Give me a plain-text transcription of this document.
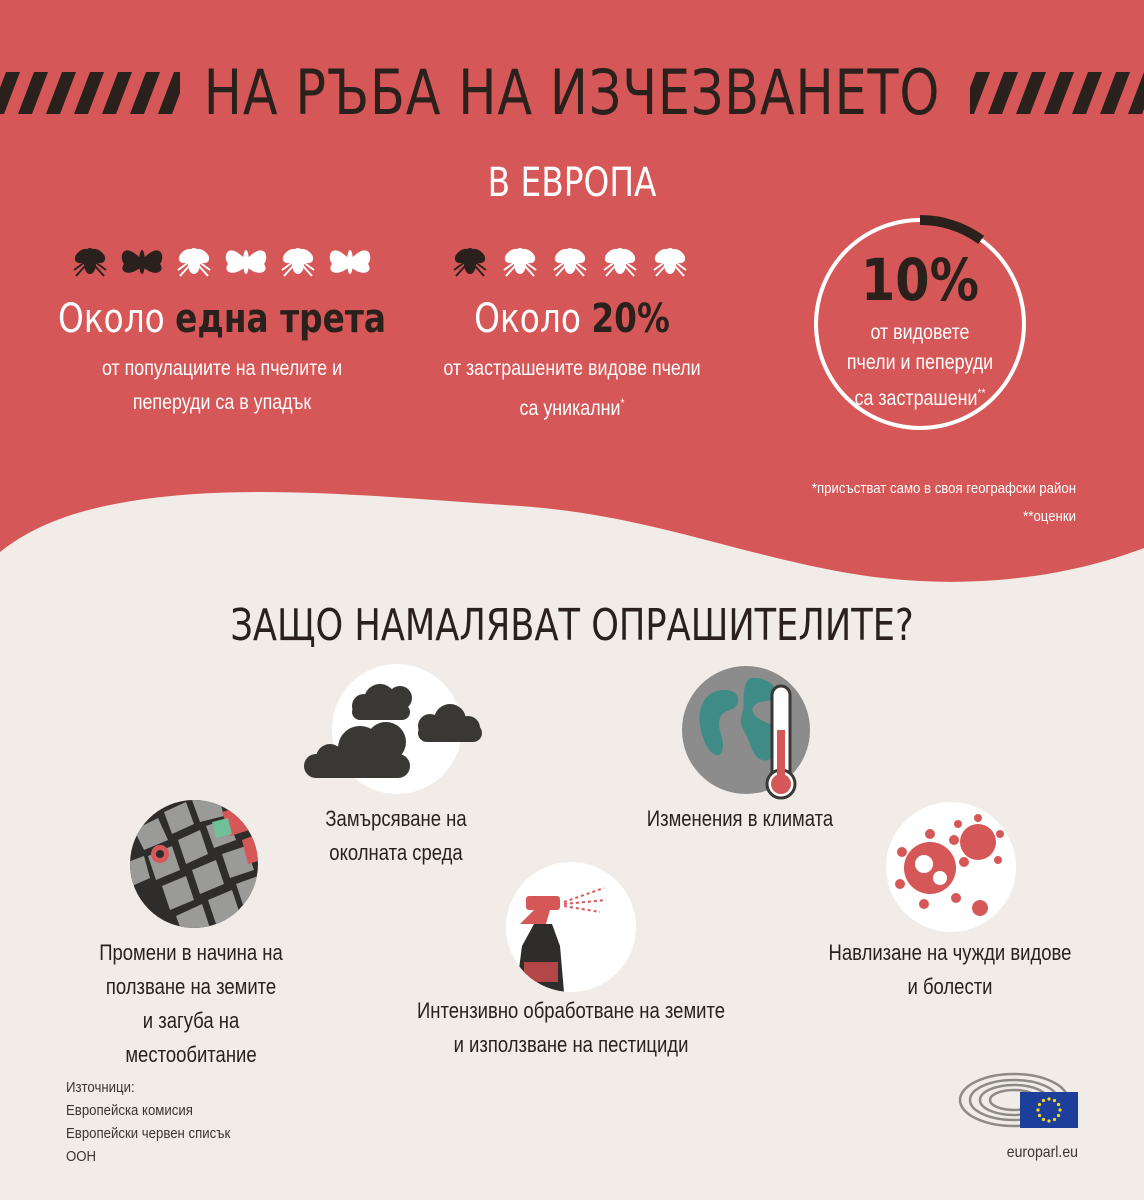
НА РЪБА НА ИЗЧЕЗВАНЕТО
В ЕВРОПА
Около една трета
от популациите на пчелите и
пеперуди са в упадък
Около 20%
от застрашените видове пчели
са уникални*
10%
от видовете
пчели и пеперуди
са застрашени**
*присъстват само в своя географски район
**оценки
ЗАЩО НАМАЛЯВАТ ОПРАШИТЕЛИТЕ?
Замърсяване на
околната среда
Изменения в климата
Промени в начина на
ползване на земите
и загуба на местообитание
Интензивно обработване на земите
и използване на пестициди
Навлизане на чужди видове
и болести
Източници:
Европейска комисия
Европейски червен списък
ООН	europarl.eu
